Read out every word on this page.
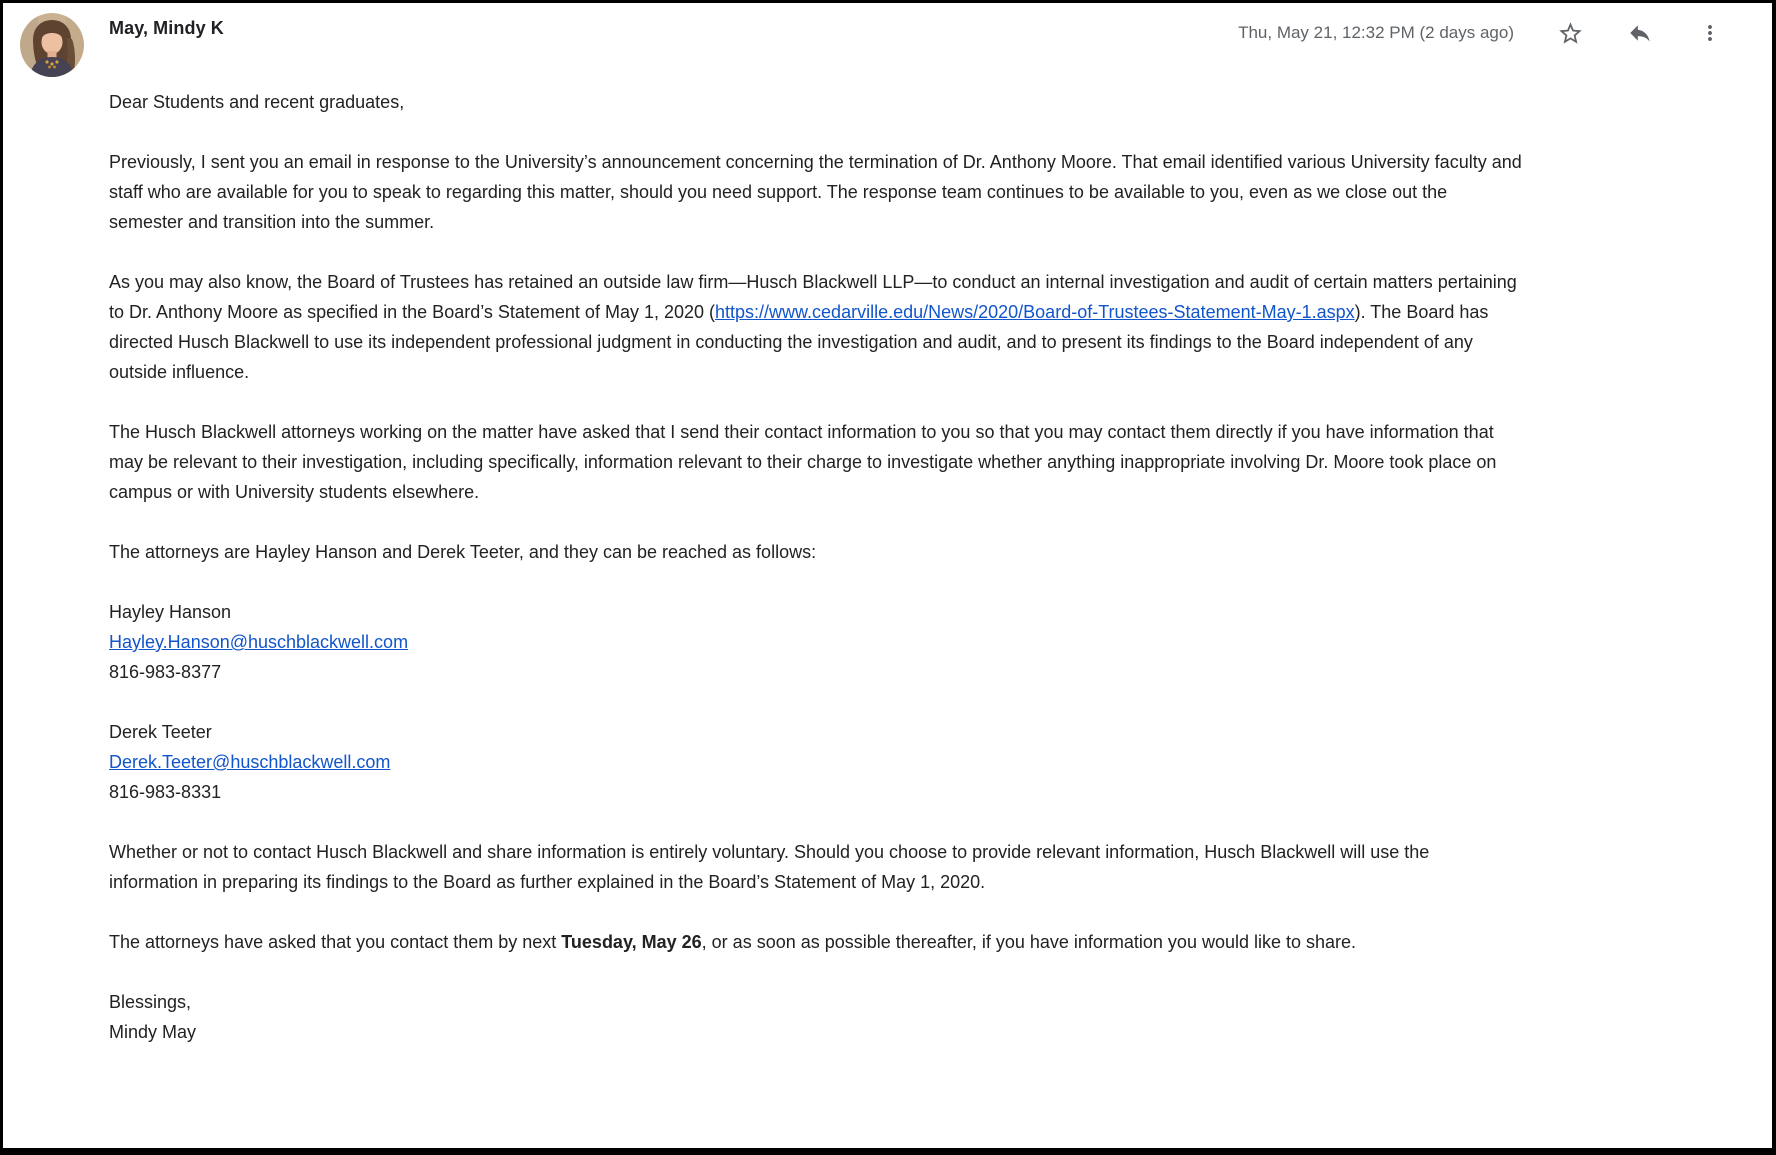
May, Mindy K	Thu, May 21, 12:32 PM (2 days ago)

Dear Students and recent graduates,

Previously, I sent you an email in response to the University’s announcement concerning the termination of Dr. Anthony Moore. That email identified various University faculty and staff who are available for you to speak to regarding this matter, should you need support. The response team continues to be available to you, even as we close out the semester and transition into the summer.

As you may also know, the Board of Trustees has retained an outside law firm—Husch Blackwell LLP—to conduct an internal investigation and audit of certain matters pertaining to Dr. Anthony Moore as specified in the Board’s Statement of May 1, 2020 (https://www.cedarville.edu/News/2020/Board-of-Trustees-Statement-May-1.aspx). The Board has directed Husch Blackwell to use its independent professional judgment in conducting the investigation and audit, and to present its findings to the Board independent of any outside influence.

The Husch Blackwell attorneys working on the matter have asked that I send their contact information to you so that you may contact them directly if you have information that may be relevant to their investigation, including specifically, information relevant to their charge to investigate whether anything inappropriate involving Dr. Moore took place on campus or with University students elsewhere.

The attorneys are Hayley Hanson and Derek Teeter, and they can be reached as follows:

Hayley Hanson
Hayley.Hanson@huschblackwell.com
816-983-8377
Derek Teeter
Derek.Teeter@huschblackwell.com
816-983-8331

Whether or not to contact Husch Blackwell and share information is entirely voluntary. Should you choose to provide relevant information, Husch Blackwell will use the information in preparing its findings to the Board as further explained in the Board’s Statement of May 1, 2020.

The attorneys have asked that you contact them by next Tuesday, May 26, or as soon as possible thereafter, if you have information you would like to share.

Blessings,
Mindy May
